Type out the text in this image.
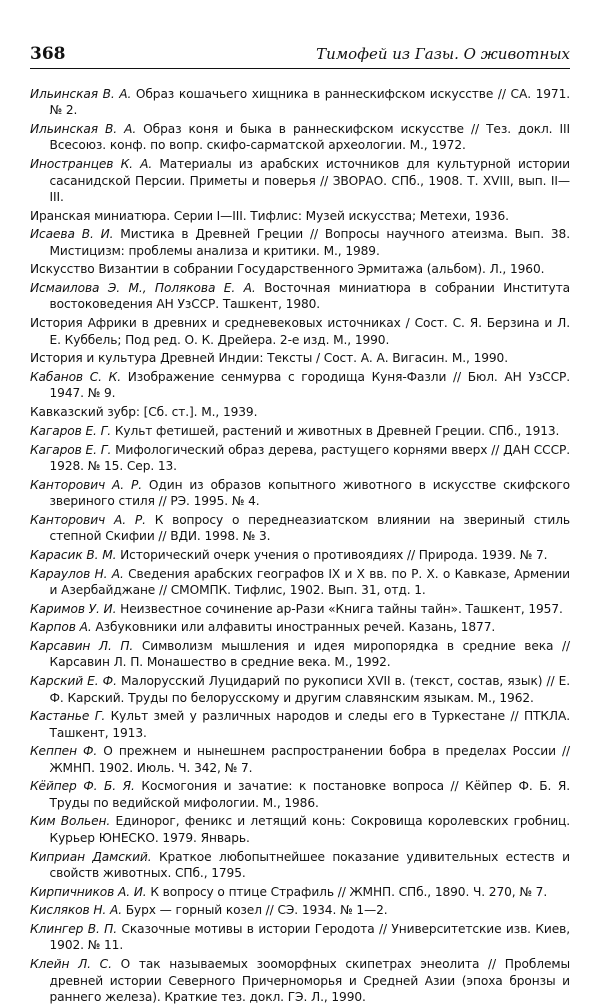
368	Тимофей из Газы. О животных
Ильинская В. А. Образ кошачьего хищника в раннескифском искусстве // СА. 1971. № 2.
Ильинская В. А. Образ коня и быка в раннескифском искусстве // Тез. докл. III Всесоюз. конф. по вопр. скифо-сарматской археологии. М., 1972.
Иностранцев К. А. Материалы из арабских источников для культурной истории сасанидской Персии. Приметы и поверья // ЗВОРАО. СПб., 1908. Т. XVIII, вып. II—III.
Иранская миниатюра. Серии I—III. Тифлис: Музей искусства; Метехи, 1936.
Исаева В. И. Мистика в Древней Греции // Вопросы научного атеизма. Вып. 38. Мистицизм: проблемы анализа и критики. М., 1989.
Искусство Византии в собрании Государственного Эрмитажа (альбом). Л., 1960.
Исмаилова Э. М., Полякова Е. А. Восточная миниатюра в собрании Института востоковедения АН УзССР. Ташкент, 1980.
История Африки в древних и средневековых источниках / Сост. С. Я. Берзина и Л. Е. Куббель; Под ред. О. К. Дрейера. 2-е изд. М., 1990.
История и культура Древней Индии: Тексты / Сост. А. А. Вигасин. М., 1990.
Кабанов С. К. Изображение сенмурва с городища Куня-Фазли // Бюл. АН УзССР. 1947. № 9.
Кавказский зубр: [Сб. ст.]. М., 1939.
Кагаров Е. Г. Культ фетишей, растений и животных в Древней Греции. СПб., 1913.
Кагаров Е. Г. Мифологический образ дерева, растущего корнями вверх // ДАН СССР. 1928. № 15. Сер. 13.
Канторович А. Р. Один из образов копытного животного в искусстве скифского звериного стиля // РЭ. 1995. № 4.
Канторович А. Р. К вопросу о переднеазиатском влиянии на звериный стиль степной Скифии // ВДИ. 1998. № 3.
Карасик В. М. Исторический очерк учения о противоядиях // Природа. 1939. № 7.
Караулов Н. А. Сведения арабских географов IX и X вв. по Р. Х. о Кавказе, Армении и Азербайджане // СМОМПК. Тифлис, 1902. Вып. 31, отд. 1.
Каримов У. И. Неизвестное сочинение ар-Рази «Книга тайны тайн». Ташкент, 1957.
Карпов А. Азбуковники или алфавиты иностранных речей. Казань, 1877.
Карсавин Л. П. Символизм мышления и идея миропорядка в средние века // Карсавин Л. П. Монашество в средние века. М., 1992.
Карский Е. Ф. Малорусский Луцидарий по рукописи XVII в. (текст, состав, язык) // Е. Ф. Карский. Труды по белорусскому и другим славянским языкам. М., 1962.
Кастанье Г. Культ змей у различных народов и следы его в Туркестане // ПТКЛА. Ташкент, 1913.
Кеппен Ф. О прежнем и нынешнем распространении бобра в пределах России // ЖМНП. 1902. Июль. Ч. 342, № 7.
Кёйпер Ф. Б. Я. Космогония и зачатие: к постановке вопроса // Кёйпер Ф. Б. Я. Труды по ведийской мифологии. М., 1986.
Ким Вольен. Единорог, феникс и летящий конь: Сокровища королевских гробниц. Курьер ЮНЕСКО. 1979. Январь.
Киприан Дамский. Краткое любопытнейшее показание удивительных естеств и свойств животных. СПб., 1795.
Кирпичников А. И. К вопросу о птице Страфиль // ЖМНП. СПб., 1890. Ч. 270, № 7.
Кисляков Н. А. Бурх — горный козел // СЭ. 1934. № 1—2.
Клингер В. П. Сказочные мотивы в истории Геродота // Университетские изв. Киев, 1902. № 11.
Клейн Л. С. О так называемых зооморфных скипетрах энеолита // Проблемы древней истории Северного Причерноморья и Средней Азии (эпоха бронзы и раннего железа). Краткие тез. докл. ГЭ. Л., 1990.
